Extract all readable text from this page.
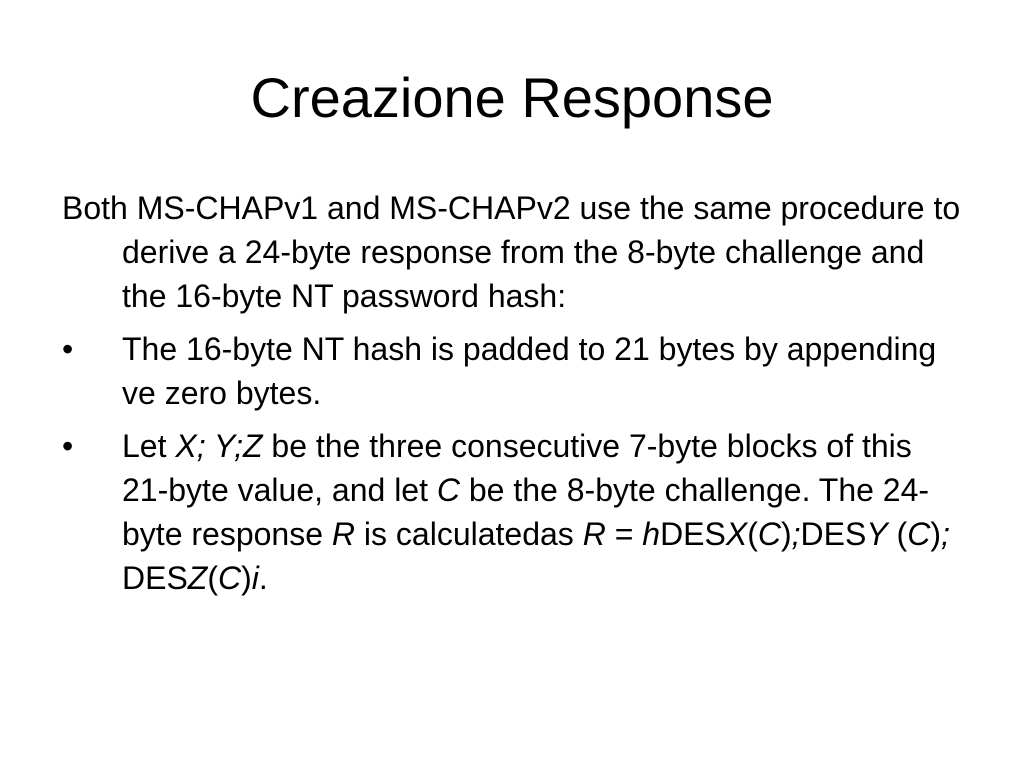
Creazione Response

Both MS-CHAPv1 and MS-CHAPv2 use the same procedure to derive a 24-byte response from the 8-byte challenge and the 16-byte NT password hash:

•	The 16-byte NT hash is padded to 21 bytes by appending ve zero bytes.
•	Let X; Y;Z be the three consecutive 7-byte blocks of this 21-byte value, and let C be the 8-byte challenge. The 24-byte response R is calculatedas R = hDESX(C);DESY (C); DESZ(C)i.
